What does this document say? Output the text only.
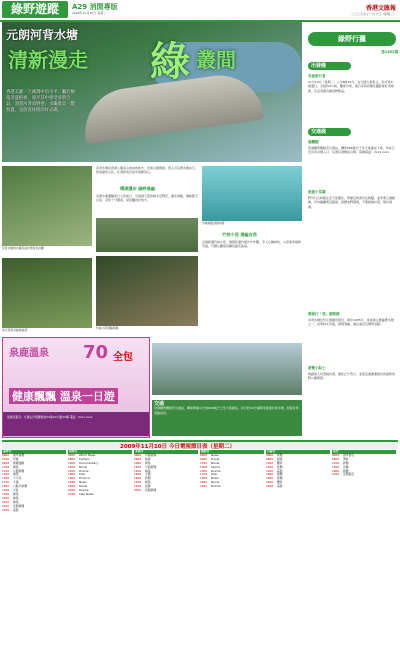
綠野遊蹤	A29 消閒專版
2009年11月10日 星期二
香港文匯報
二〇〇九年十一月十日（星期二）
元朗河背水塘
清新漫走 綠 叢間
香港美麗一天溪澗中的水平，屬於樹蔭茂盛植被，漫步其中感受清新空氣，漫遊河背郊野徑，水壩群景一覽無遺，是旅客休閒的好去處。
河背水塘的水壩及溢洪道景色壯觀
步行徑兩旁綠樹成蔭
河背水塘是香港人稱為小桂林的地方，四周山巒環繞，遊人可沿著水塘步行，欣賞湖光山色，在清新的空氣中放鬆身心。
環湖漫步 綠野尋幽
沿著水塘邊緣的行人徑前行，可看到大量的樹木及野花，湖水清澈，倒映藍天白雲，景色十分優美，是拍攝的好地方。
竹林小徑清幽寧靜
水塘湖面清澈如鏡
竹林小徑 清幽自然
沿途經過竹林小徑，微風吹過竹葉沙沙作響，令人心曠神怡，小徑兩旁植物茂盛，可細心觀察各種昆蟲及雀鳥。
泉鹿溫泉 70 全包
健康飄飄 溫泉一日遊
查詢及報名：九龍尖沙咀彌敦道XX號XX大廈XX樓 電話：2xxx xxxx
交通
乘港鐵西鐵綫至元朗站，轉乘專線小巴或K66號巴士至大棠總站，步行約30分鐘即可到達河背水塘，回程可乘原路返回。
綠野行獵
第1302期
出發綫
長途旅行者
11月10日（星期二）上午8時30分，在元朗大棠集合，沿河背水塘漫行，全程約4小時，難度中等，適合家庭同樂及攝影愛好者參與，有意者請自備食物飲品。
交通綫
港鐵綫
乘港鐵西鐵綫至元朗站，轉乘K66號巴士至大棠總站下車，再步行至河背水塘入口，沿途有清晰指示牌。查詢電話：2xxx xxxx
旅遊小常識
野外行山時應注意天氣變化，帶備足夠清水及乾糧，並穿著合適鞋履，切勿偏離既定路線，保護郊野環境，不要亂拋垃圾，保持清潔。
環保行「郊」遊路線
河背水塘位於元朗錦田附近，建於1965年，是香港主要灌溉水塘之一，四周林木茂盛，環境清幽，適宜遠足及燒烤活動。
遊覽小貼士
建議遊人於清晨出發，避免正午烈日，並留意漁護署發出的最新郊野公園資訊。
2009年11月10日 今日電視節目表（星期二）
翡翠台
0600	晨早新聞
0700	早晨
0930	娛樂頭條
1030	劇集
1230	午間新聞
1330	劇集
1500	下午茶
1730	卡通
1830	六點半新聞
1900	天氣
1930	劇集
2030	劇集
2130	劇集
2230	夜間新聞
2330	電影
明珠台
0600	World News
0800	Cartoon
1000	Documentary
1200	Movie
1400	Drama
1600	Kids
1800	Finance
1930	News
2000	Movie
2200	Drama
2330	Late News
本港台
0600	早晨新聞
0800	財經
1000	劇集
1200	午間新聞
1400	劇集
1600	卡通
1800	新聞
1930	劇集
2100	綜藝
2300	夜間新聞
國際台
0600	News
0900	Travel
1100	Movie
1300	Sports
1500	Drama
1700	Kids
1900	News
2000	Movie
2200	Drama
有線台
0600	新聞
0800	財經
1000	體育
1200	新聞
1400	電影
1600	娛樂
1800	新聞
2000	體育
2200	電影
電台
0600	晨早節目
0900	清談
1200	新聞
1500	音樂
1800	新聞
2100	夜間節目
